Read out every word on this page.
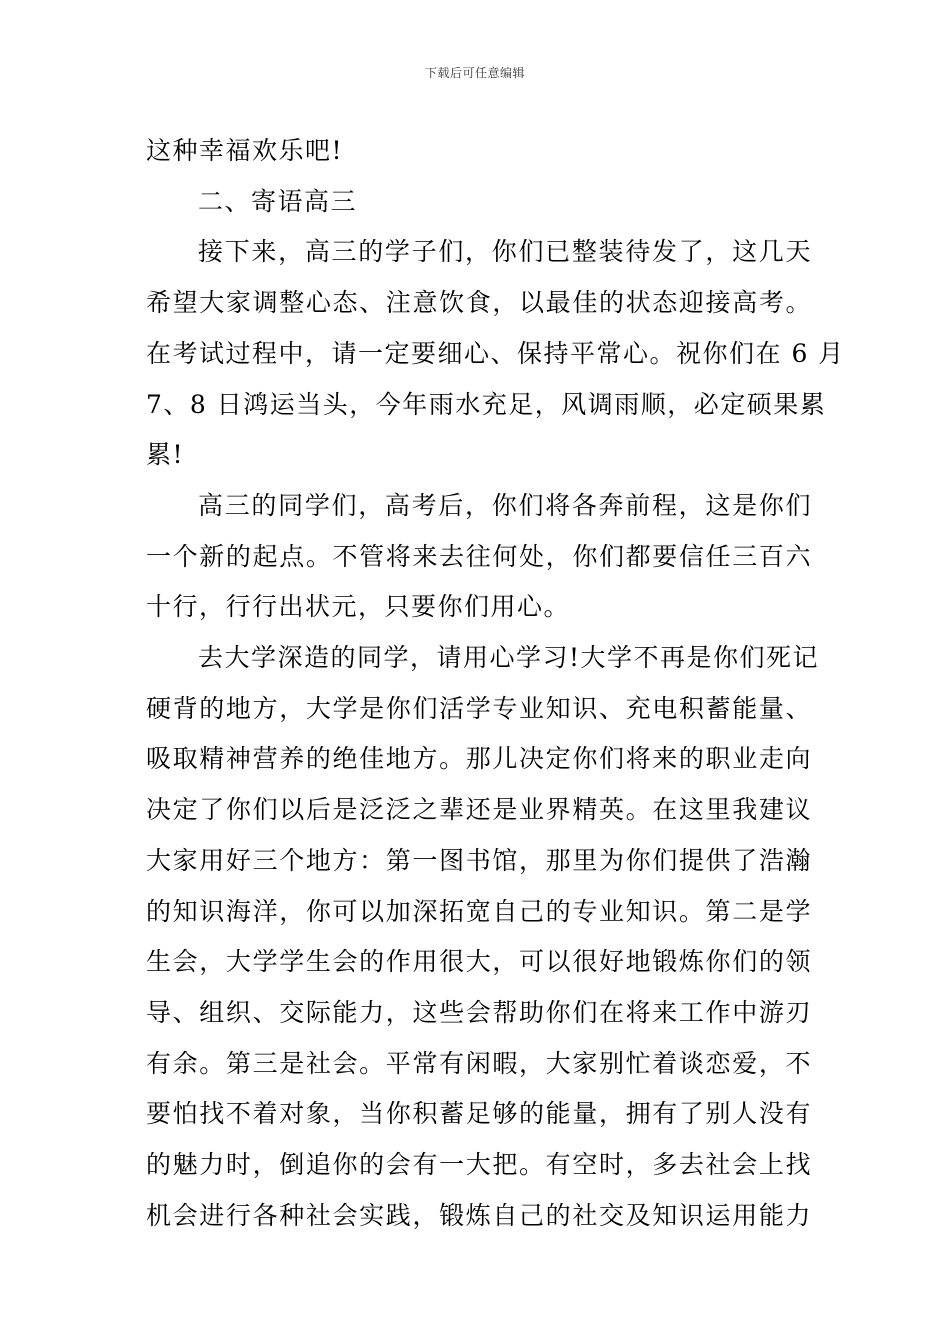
下载后可任意编辑
这种幸福欢乐吧!
二、寄语高三
接下来，高三的学子们，你们已整装待发了，这几天
希望大家调整心态、注意饮食，以最佳的状态迎接高考。
在考试过程中，请一定要细心、保持平常心。祝你们在 6 月
7、8 日鸿运当头，今年雨水充足，风调雨顺，必定硕果累
累!
高三的同学们，高考后，你们将各奔前程，这是你们
一个新的起点。不管将来去往何处，你们都要信任三百六
十行，行行出状元，只要你们用心。
去大学深造的同学，请用心学习!大学不再是你们死记
硬背的地方，大学是你们活学专业知识、充电积蓄能量、
吸取精神营养的绝佳地方。那儿决定你们将来的职业走向
决定了你们以后是泛泛之辈还是业界精英。在这里我建议
大家用好三个地方：第一图书馆，那里为你们提供了浩瀚
的知识海洋，你可以加深拓宽自己的专业知识。第二是学
生会，大学学生会的作用很大，可以很好地锻炼你们的领
导、组织、交际能力，这些会帮助你们在将来工作中游刃
有余。第三是社会。平常有闲暇，大家别忙着谈恋爱，不
要怕找不着对象，当你积蓄足够的能量，拥有了别人没有
的魅力时，倒追你的会有一大把。有空时，多去社会上找
机会进行各种社会实践，锻炼自己的社交及知识运用能力
